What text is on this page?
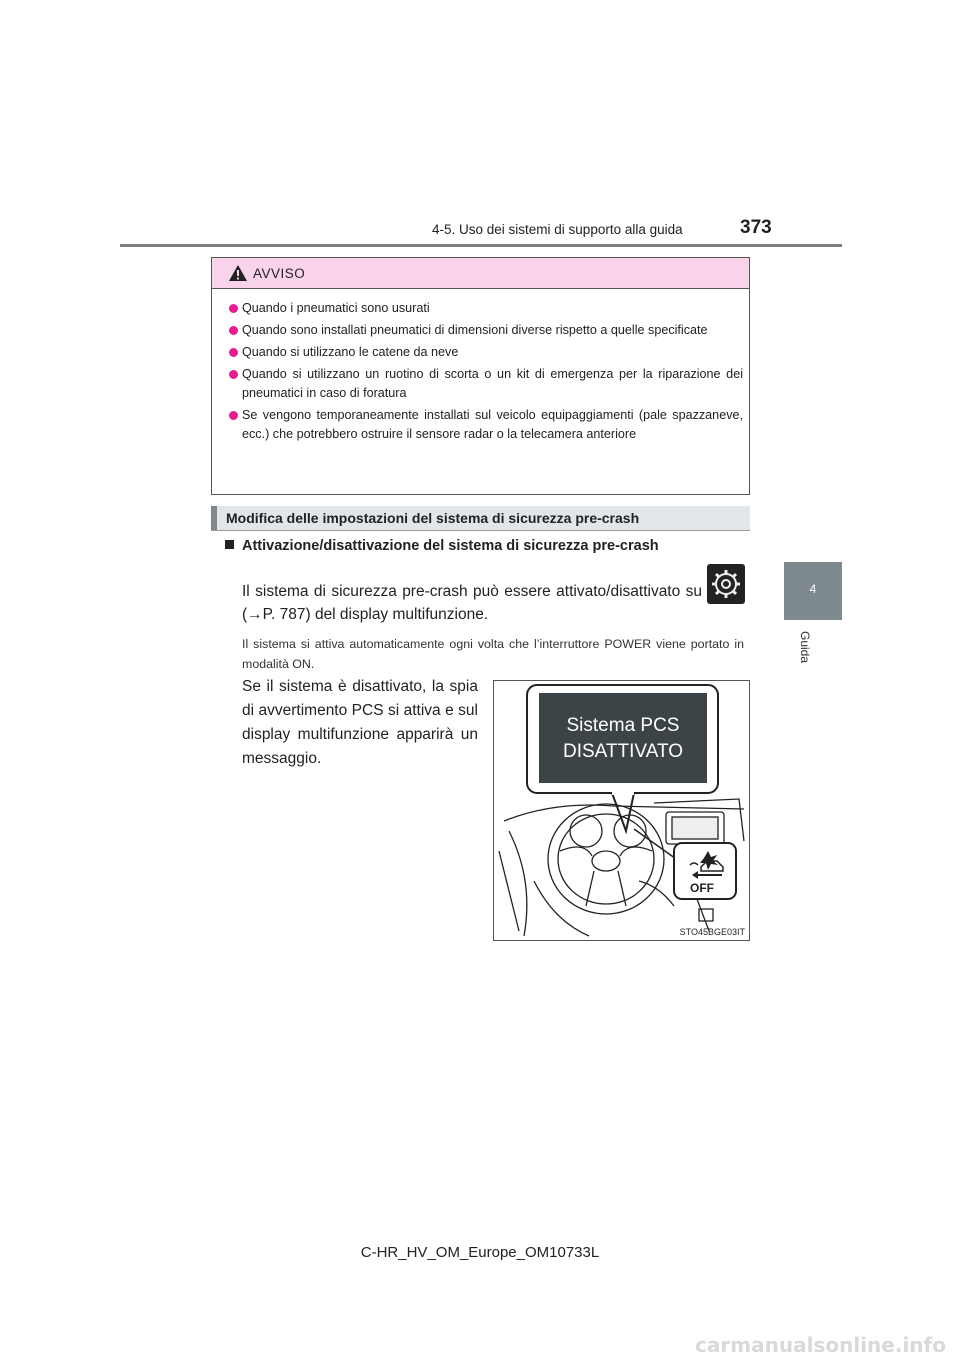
4-5. Uso dei sistemi di supporto alla guida	373
4
Guida
AVVISO
Quando i pneumatici sono usurati
Quando sono installati pneumatici di dimensioni diverse rispetto a quelle specificate
Quando si utilizzano le catene da neve
Quando si utilizzano un ruotino di scorta o un kit di emergenza per la riparazione dei pneumatici in caso di foratura
Se vengono temporaneamente installati sul veicolo equipaggiamenti (pale spazzaneve, ecc.) che potrebbero ostruire il sensore radar o la telecamera anteriore
Modifica delle impostazioni del sistema di sicurezza pre-crash
Attivazione/disattivazione del sistema di sicurezza pre-crash
Il sistema di sicurezza pre-crash può essere attivato/disattivato su
(→P. 787) del display multifunzione.
Il sistema si attiva automaticamente ogni volta che l’interruttore POWER viene portato in modalità ON.
Se il sistema è disattivato, la spia
di avvertimento PCS si attiva e sul
display multifunzione apparirà un
messaggio.
Sistema PCS
DISATTIVATO
OFF
STO45BGE03IT
C-HR_HV_OM_Europe_OM10733L
carmanualsonline.info
